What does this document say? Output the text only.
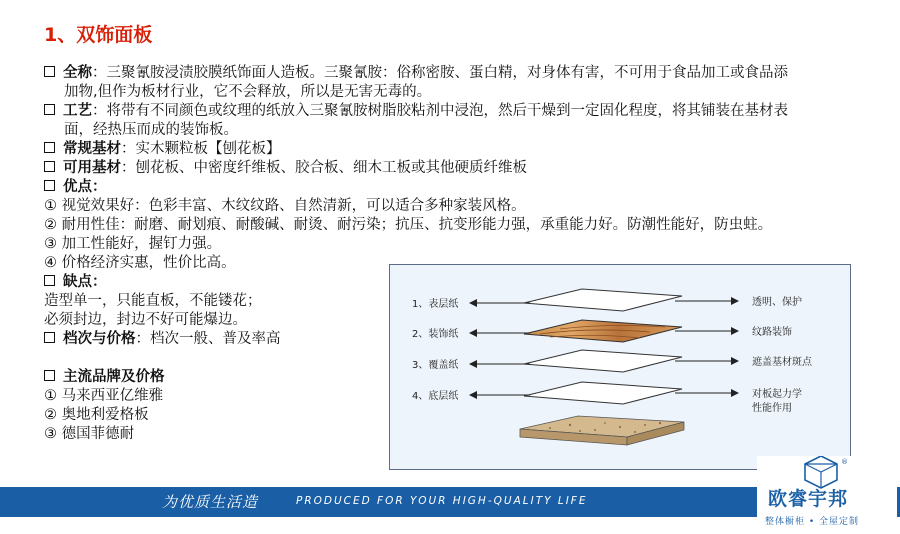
1、双饰面板
全称：三聚氰胺浸渍胶膜纸饰面人造板。三聚氰胺：俗称密胺、蛋白精，对身体有害，不可用于食品加工或食品添
加物,但作为板材行业，它不会释放，所以是无害无毒的。
工艺：将带有不同颜色或纹理的纸放入三聚氰胺树脂胶粘剂中浸泡，然后干燥到一定固化程度，将其铺装在基材表
面，经热压而成的装饰板。
常规基材：实木颗粒板【刨花板】
可用基材：刨花板、中密度纤维板、胶合板、细木工板或其他硬质纤维板
优点：
① 视觉效果好：色彩丰富、木纹纹路、自然清新，可以适合多种家装风格。
② 耐用性佳：耐磨、耐划痕、耐酸碱、耐烫、耐污染；抗压、抗变形能力强，承重能力好。防潮性能好，防虫蛀。
③ 加工性能好，握钉力强。
④ 价格经济实惠，性价比高。
缺点：
造型单一，只能直板，不能镂花；
必须封边，封边不好可能爆边。
档次与价格：档次一般、普及率高
主流品牌及价格
① 马来西亚亿维雅
② 奥地利爱格板
③ 德国菲德耐
1、表层纸
2、装饰纸
3、覆盖纸
4、底层纸
透明、保护
纹路装饰
遮盖基材斑点
对板起力学
性能作用
为优质生活造	PRODUCED FOR YOUR HIGH-QUALITY LIFE
®
欧睿宇邦
整体橱柜 • 全屋定制
